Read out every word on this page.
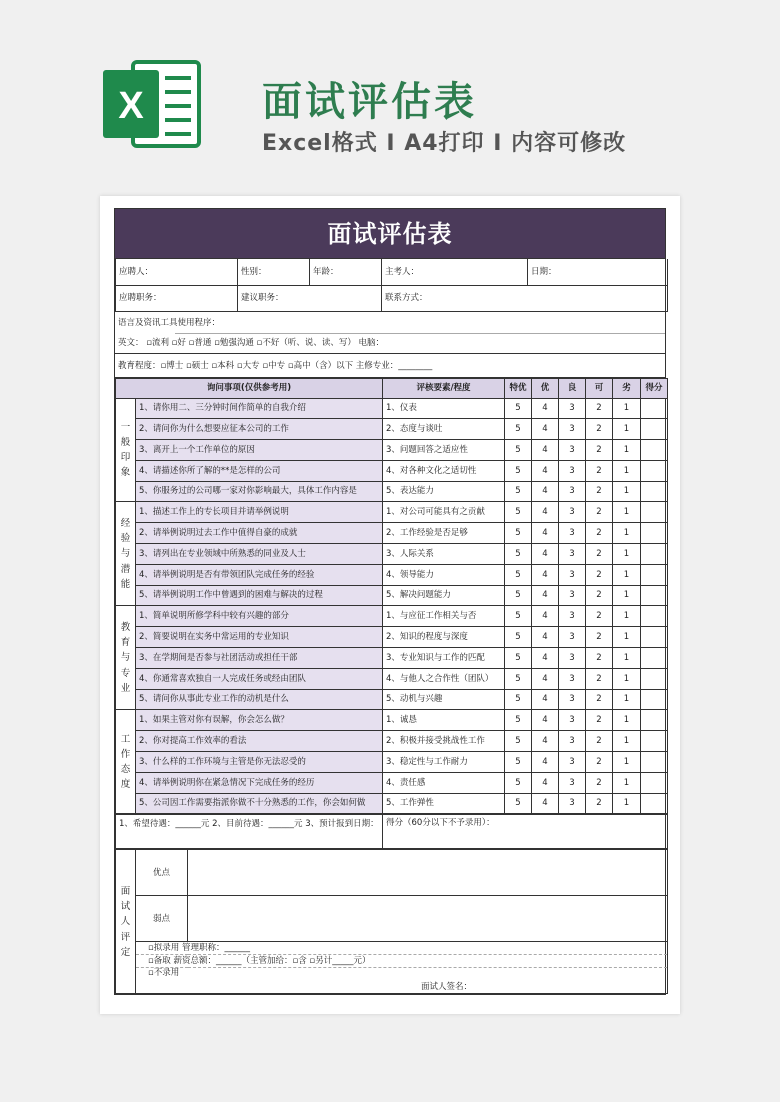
X	面试评估表
Excel格式 I A4打印 I 内容可修改
面试评估表
应聘人：	性别：	年龄：	主考人：	日期：
应聘职务：	建议职务：		联系方式：	
语言及资讯工具使用程序：
英文： ▫流利 ▫好 ▫普通 ▫勉强沟通 ▫不好（听、说、读、写） 电脑：
教育程度：▫博士 ▫硕士 ▫本科 ▫大专 ▫中专 ▫高中（含）以下 主修专业：________
询问事项(仅供参考用)		评核要素/程度	特优	优	良	可	劣	得分
一般印象	1、请你用二、三分钟时间作简单的自我介绍	1、仪表	5	4	3	2	1	
	2、请问你为什么想要应征本公司的工作	2、态度与谈吐	5	4	3	2	1	
	3、离开上一个工作单位的原因	3、问题回答之适应性	5	4	3	2	1	
	4、请描述你所了解的**是怎样的公司	4、对各种文化之适切性	5	4	3	2	1	
	5、你服务过的公司哪一家对你影响最大，具体工作内容是	5、表达能力	5	4	3	2	1	
经验与潜能	1、描述工作上的专长项目并请举例说明	1、对公司可能具有之贡献	5	4	3	2	1	
	2、请举例说明过去工作中值得自豪的成就	2、工作经验是否足够	5	4	3	2	1	
	3、请列出在专业领域中所熟悉的同业及人士	3、人际关系	5	4	3	2	1	
	4、请举例说明是否有带领团队完成任务的经验	4、领导能力	5	4	3	2	1	
	5、请举例说明工作中曾遇到的困难与解决的过程	5、解决问题能力	5	4	3	2	1	
教育与专业	1、简单说明所修学科中较有兴趣的部分	1、与应征工作相关与否	5	4	3	2	1	
	2、简要说明在实务中常运用的专业知识	2、知识的程度与深度	5	4	3	2	1	
	3、在学期间是否参与社团活动或担任干部	3、专业知识与工作的匹配	5	4	3	2	1	
	4、你通常喜欢独自一人完成任务或经由团队	4、与他人之合作性（团队）	5	4	3	2	1	
	5、请问你从事此专业工作的动机是什么	5、动机与兴趣	5	4	3	2	1	
工作态度	1、如果主管对你有误解，你会怎么做？	1、诚恳	5	4	3	2	1	
	2、你对提高工作效率的看法	2、积极并接受挑战性工作	5	4	3	2	1	
	3、什么样的工作环境与主管是你无法忍受的	3、稳定性与工作耐力	5	4	3	2	1	
	4、请举例说明你在紧急情况下完成任务的经历	4、责任感	5	4	3	2	1	
	5、公司因工作需要指派你做不十分熟悉的工作，你会如何做	5、工作弹性	5	4	3	2	1	
1、希望待遇：______元 2、目前待遇：______元 3、预计报到日期：	得分（60分以下不予录用）：
面试人评定	优点	
	弱点	
	▫拟录用 管理职称：______	
	▫备取 薪资总额：______（主管加给：▫含 ▫另计_____元）	

	▫不录用
面试人签名：	
